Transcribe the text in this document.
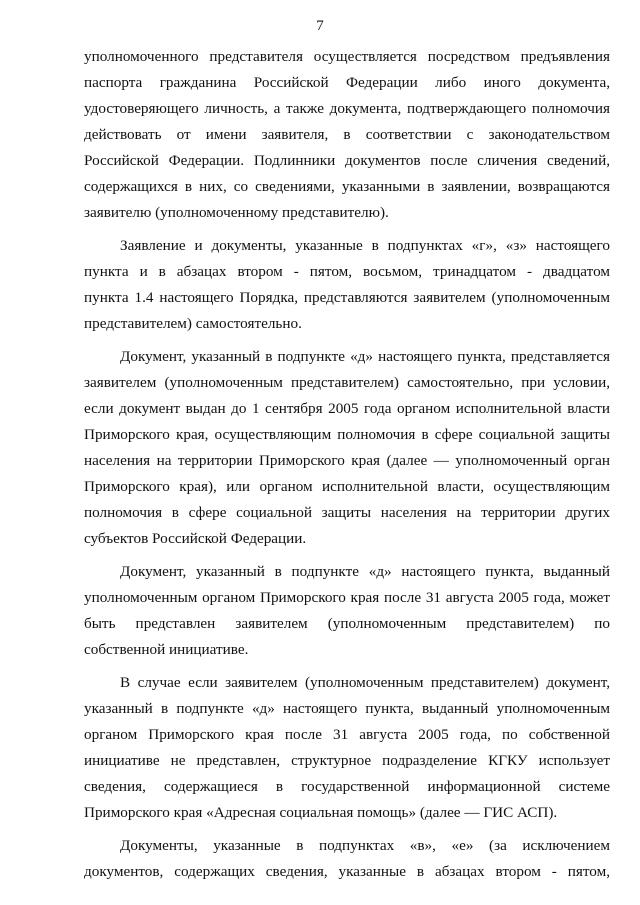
7
уполномоченного представителя осуществляется посредством предъявления
паспорта гражданина Российской Федерации либо иного документа,
удостоверяющего личность, а также документа, подтверждающего полномочия
действовать от имени заявителя, в соответствии с законодательством
Российской Федерации. Подлинники документов после сличения сведений,
содержащихся в них, со сведениями, указанными в заявлении, возвращаются
заявителю (уполномоченному представителю).
Заявление и документы, указанные в подпунктах «г», «з» настоящего
пункта и в абзацах втором - пятом, восьмом, тринадцатом - двадцатом
пункта 1.4 настоящего Порядка, представляются заявителем (уполномоченным
представителем) самостоятельно.
Документ, указанный в подпункте «д» настоящего пункта, представляется
заявителем (уполномоченным представителем) самостоятельно, при условии,
если документ выдан до 1 сентября 2005 года органом исполнительной власти
Приморского края, осуществляющим полномочия в сфере социальной защиты
населения на территории Приморского края (далее — уполномоченный орган
Приморского края), или органом исполнительной власти, осуществляющим
полномочия в сфере социальной защиты населения на территории других
субъектов Российской Федерации.
Документ, указанный в подпункте «д» настоящего пункта, выданный
уполномоченным органом Приморского края после 31 августа 2005 года, может
быть представлен заявителем (уполномоченным представителем) по
собственной инициативе.
В случае если заявителем (уполномоченным представителем) документ,
указанный в подпункте «д» настоящего пункта, выданный уполномоченным
органом Приморского края после 31 августа 2005 года, по собственной
инициативе не представлен, структурное подразделение КГКУ использует
сведения, содержащиеся в государственной информационной системе
Приморского края «Адресная социальная помощь» (далее — ГИС АСП).
Документы, указанные в подпунктах «в», «е» (за исключением
документов, содержащих сведения, указанные в абзацах втором - пятом,
